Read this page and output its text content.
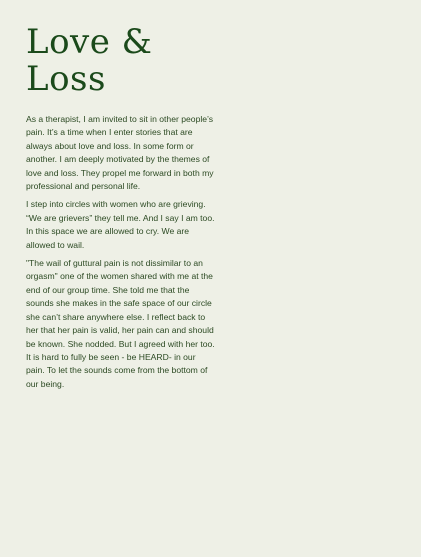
Love &
Loss

As a therapist, I am invited to sit in other people’s pain. It’s a time when I enter stories that are always about love and loss. In some form or another. I am deeply motivated by the themes of love and loss. They propel me forward in both my professional and personal life.

I step into circles with women who are grieving. “We are grievers” they tell me. And I say I am too. In this space we are allowed to cry. We are allowed to wail.

"The wail of guttural pain is not dissimilar to an orgasm" one of the women shared with me at the end of our group time. She told me that the sounds she makes in the safe space of our circle she can’t share anywhere else. I reflect back to her that her pain is valid, her pain can and should be known. She nodded. But I agreed with her too. It is hard to fully be seen - be HEARD- in our pain. To let the sounds come from the bottom of our being.
